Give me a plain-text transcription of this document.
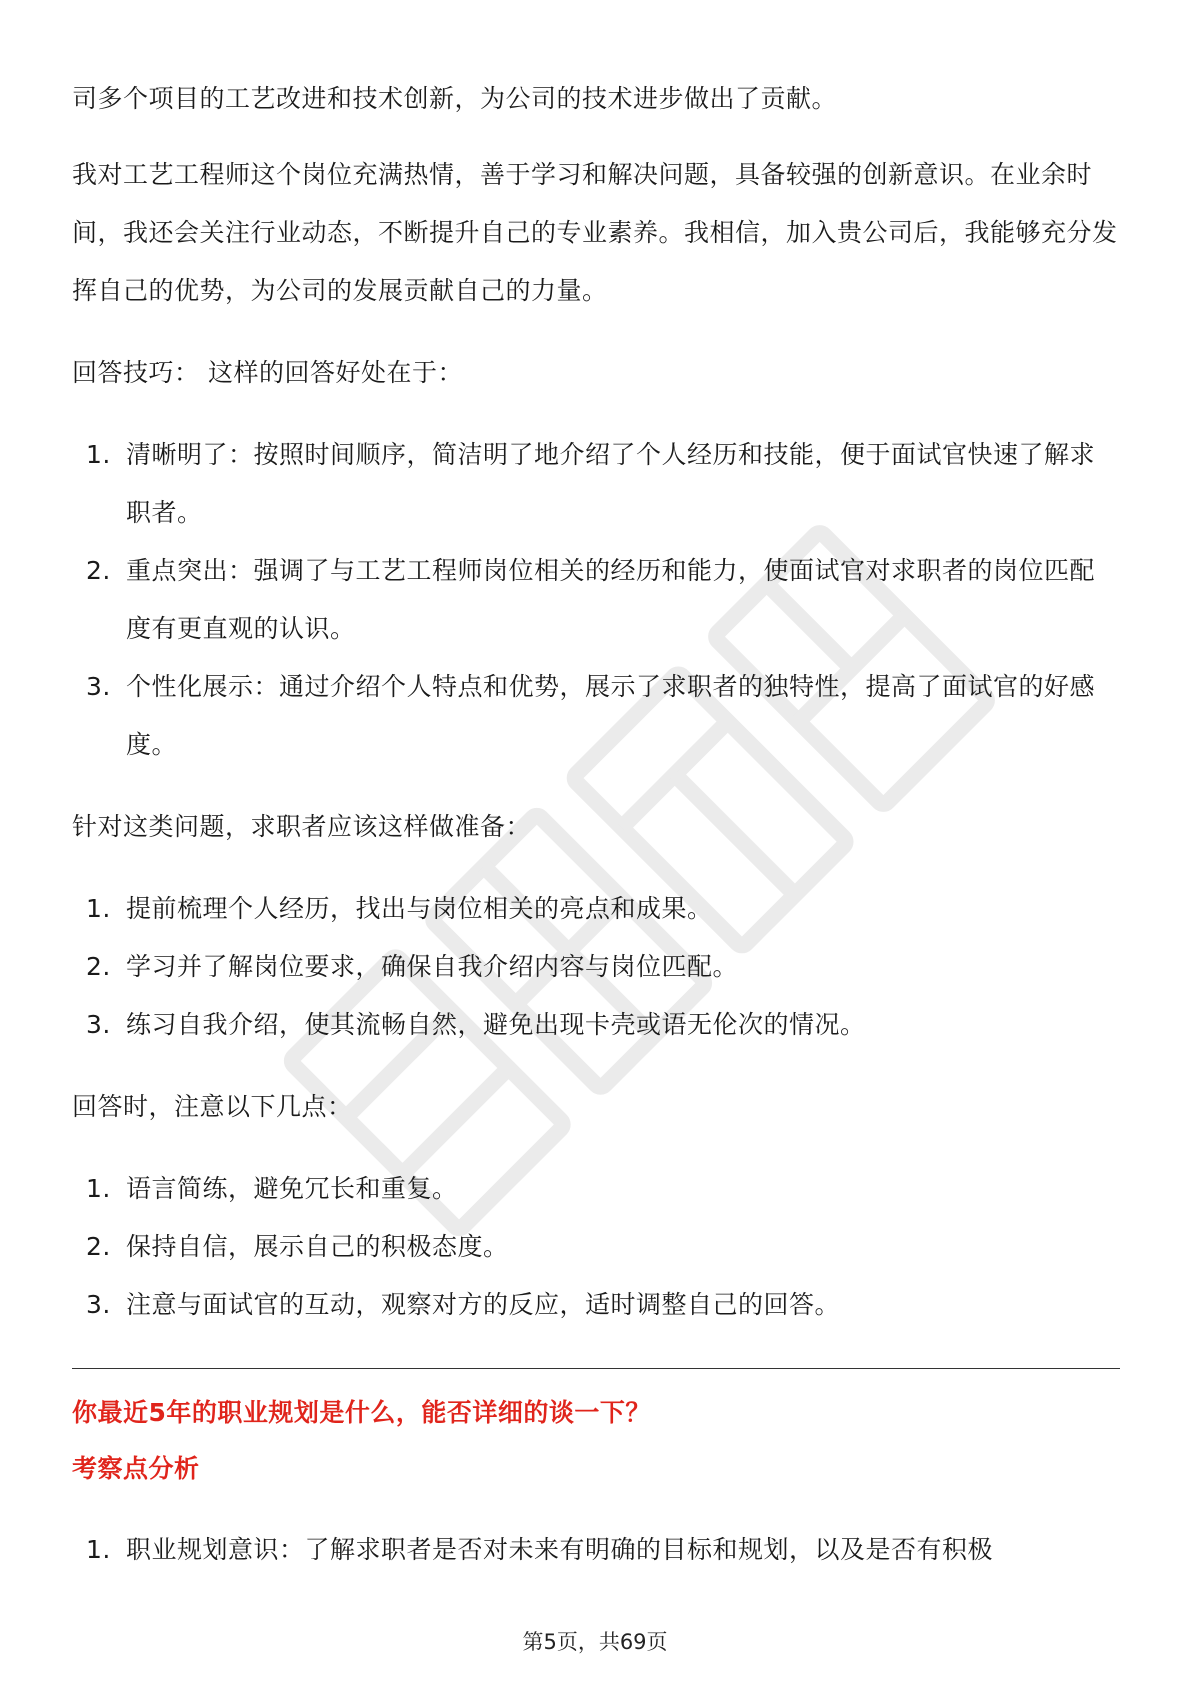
司多个项目的工艺改进和技术创新，为公司的技术进步做出了贡献。

我对工艺工程师这个岗位充满热情，善于学习和解决问题，具备较强的创新意识。在业余时间，我还会关注行业动态，不断提升自己的专业素养。我相信，加入贵公司后，我能够充分发挥自己的优势，为公司的发展贡献自己的力量。

回答技巧： 这样的回答好处在于：

1. 清晰明了：按照时间顺序，简洁明了地介绍了个人经历和技能，便于面试官快速了解求职者。
2. 重点突出：强调了与工艺工程师岗位相关的经历和能力，使面试官对求职者的岗位匹配度有更直观的认识。
3. 个性化展示：通过介绍个人特点和优势，展示了求职者的独特性，提高了面试官的好感度。

针对这类问题，求职者应该这样做准备：

1. 提前梳理个人经历，找出与岗位相关的亮点和成果。
2. 学习并了解岗位要求，确保自我介绍内容与岗位匹配。
3. 练习自我介绍，使其流畅自然，避免出现卡壳或语无伦次的情况。

回答时，注意以下几点：

1. 语言简练，避免冗长和重复。
2. 保持自信，展示自己的积极态度。
3. 注意与面试官的互动，观察对方的反应，适时调整自己的回答。

你最近5年的职业规划是什么，能否详细的谈一下？

考察点分析

1. 职业规划意识：了解求职者是否对未来有明确的目标和规划，以及是否有积极
第5页，共69页
